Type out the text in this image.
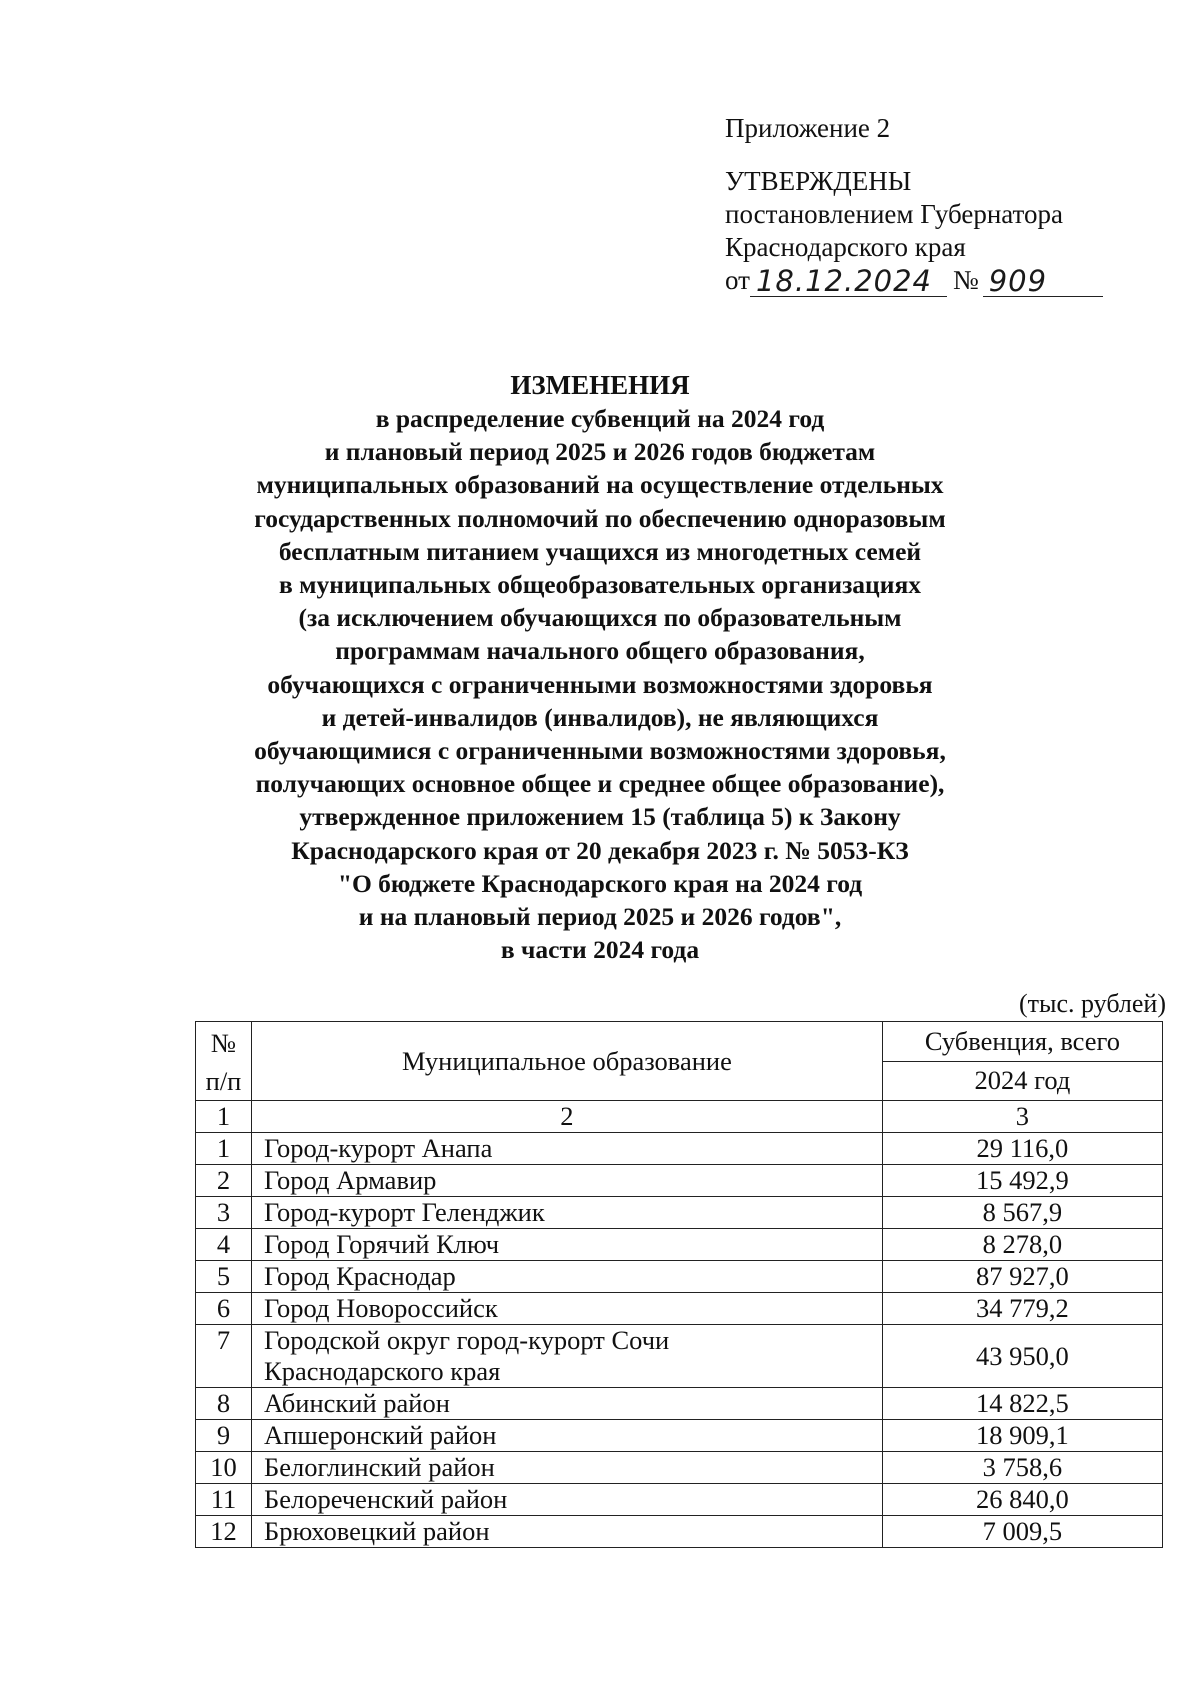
Приложение 2
УТВЕРЖДЕНЫ
постановлением Губернатора
Краснодарского края
от 18.12.2024 № 909
ИЗМЕНЕНИЯ
в распределение субвенций на 2024 год
и плановый период 2025 и 2026 годов бюджетам
муниципальных образований на осуществление отдельных
государственных полномочий по обеспечению одноразовым
бесплатным питанием учащихся из многодетных семей
в муниципальных общеобразовательных организациях
(за исключением обучающихся по образовательным
программам начального общего образования,
обучающихся с ограниченными возможностями здоровья
и детей-инвалидов (инвалидов), не являющихся
обучающимися с ограниченными возможностями здоровья,
получающих основное общее и среднее общее образование),
утвержденное приложением 15 (таблица 5) к Закону
Краснодарского края от 20 декабря 2023 г. № 5053-КЗ
"О бюджете Краснодарского края на 2024 год
и на плановый период 2025 и 2026 годов",
в части 2024 года
(тыс. рублей)
№
п/п	Муниципальное образование	Субвенция, всего
		2024 год
1	2	3
1	Город-курорт Анапа	29 116,0
2	Город Армавир	15 492,9
3	Город-курорт Геленджик	8 567,9
4	Город Горячий Ключ	8 278,0
5	Город Краснодар	87 927,0
6	Город Новороссийск	34 779,2
7	Городской округ город-курорт Сочи
Краснодарского края	43 950,0
8	Абинский район	14 822,5
9	Апшеронский район	18 909,1
10	Белоглинский район	3 758,6
11	Белореченский район	26 840,0
12	Брюховецкий район	7 009,5
